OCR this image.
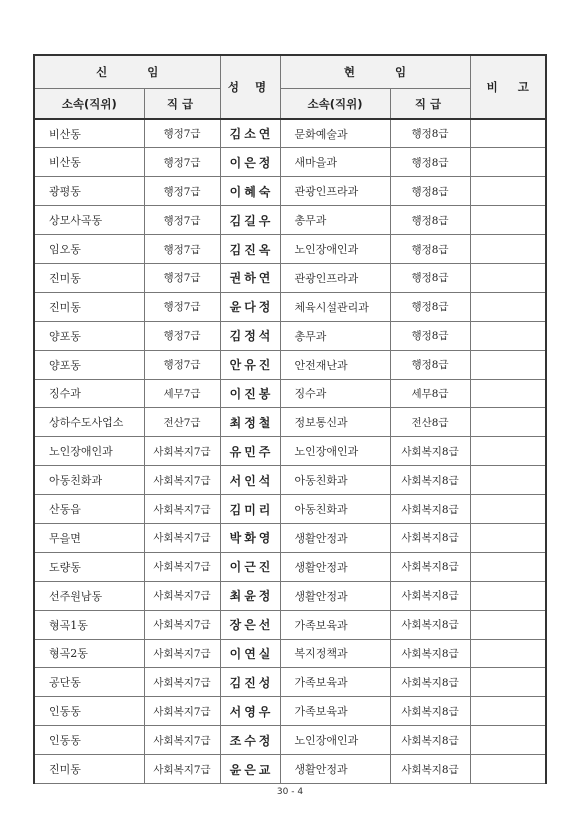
신 임		성 명	현 임		비 고
소속(직위)	직급		소속(직위)	직급	
비산동	행정7급	김소연	문화예술과	행정8급	
비산동	행정7급	이은정	새마을과	행정8급	
광평동	행정7급	이혜숙	관광인프라과	행정8급	
상모사곡동	행정7급	김길우	총무과	행정8급	
임오동	행정7급	김진옥	노인장애인과	행정8급	
진미동	행정7급	권하연	관광인프라과	행정8급	
진미동	행정7급	윤다정	체육시설관리과	행정8급	
양포동	행정7급	김정석	총무과	행정8급	
양포동	행정7급	안유진	안전재난과	행정8급	
징수과	세무7급	이진봉	징수과	세무8급	
상하수도사업소	전산7급	최정철	정보통신과	전산8급	
노인장애인과	사회복지7급	유민주	노인장애인과	사회복지8급	
아동친화과	사회복지7급	서인석	아동친화과	사회복지8급	
산동읍	사회복지7급	김미리	아동친화과	사회복지8급	
무을면	사회복지7급	박화영	생활안정과	사회복지8급	
도량동	사회복지7급	이근진	생활안정과	사회복지8급	
선주원남동	사회복지7급	최윤정	생활안정과	사회복지8급	
형곡1동	사회복지7급	장은선	가족보육과	사회복지8급	
형곡2동	사회복지7급	이연실	복지정책과	사회복지8급	
공단동	사회복지7급	김진성	가족보육과	사회복지8급	
인동동	사회복지7급	서영우	가족보육과	사회복지8급	
인동동	사회복지7급	조수정	노인장애인과	사회복지8급	
진미동	사회복지7급	윤은교	생활안정과	사회복지8급	
30 - 4
